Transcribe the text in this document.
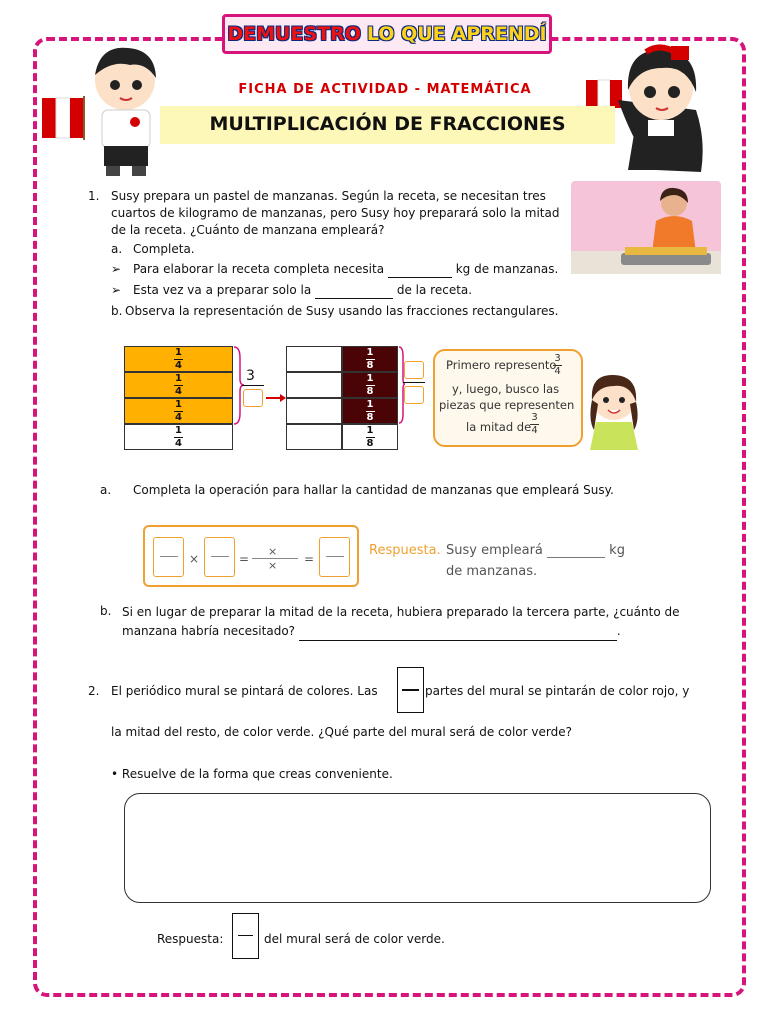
DEMUESTRO LO QUE APRENDÍ
FICHA DE ACTIVIDAD - MATEMÁTICA
MULTIPLICACIÓN DE FRACCIONES
1. Susy prepara un pastel de manzanas. Según la receta, se necesitan tres cuartos de kilogramo de manzanas, pero Susy hoy preparará solo la mitad de la receta. ¿Cuánto de manzana empleará?
a. Completa.
➢ Para elaborar la receta completa necesita	kg de manzanas.
➢ Esta vez va a preparar solo la	de la receta.
b. Observa la representación de Susy usando las fracciones rectangulares.
1
4
1
4
1
4
1
4
3
1
8
1
8
1
8
1
8
Primero represento
3
4
y, luego, busco las
piezas que representen
la mitad de
3
4
a. Completa la operación para hallar la cantidad de manzanas que empleará Susy.
×	=
×
× =
Respuesta. Susy empleará	kg
de manzanas.
b. Si en lugar de preparar la mitad de la receta, hubiera preparado la tercera parte, ¿cuánto de manzana habría necesitado?	.
2. El periódico mural se pintará de colores. Las	partes del mural se pintarán de color rojo, y
la mitad del resto, de color verde. ¿Qué parte del mural será de color verde?
• Resuelve de la forma que creas conveniente.
Respuesta:	del mural será de color verde.
